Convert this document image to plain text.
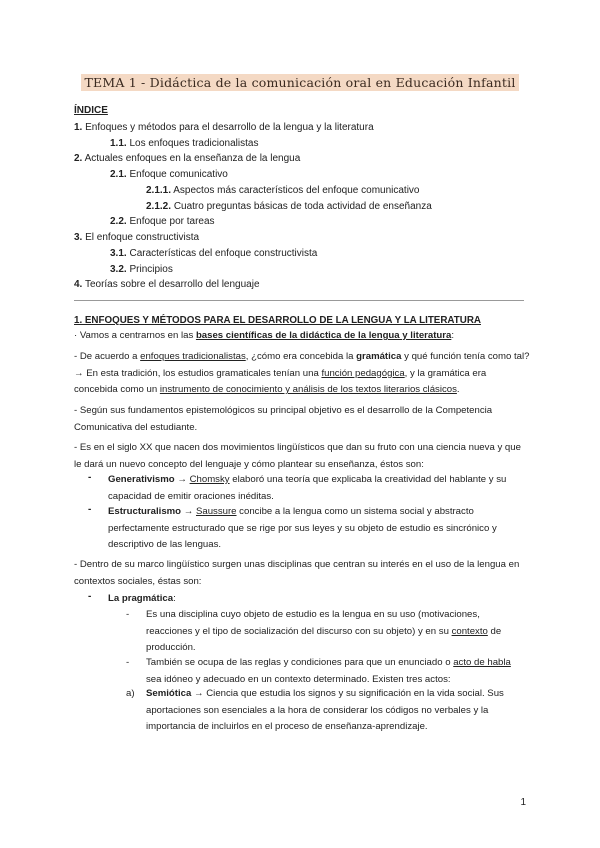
TEMA 1 - Didáctica de la comunicación oral en Educación Infantil
ÍNDICE
1. Enfoques y métodos para el desarrollo de la lengua y la literatura
1.1. Los enfoques tradicionalistas
2. Actuales enfoques en la enseñanza de la lengua
2.1. Enfoque comunicativo
2.1.1. Aspectos más característicos del enfoque comunicativo
2.1.2. Cuatro preguntas básicas de toda actividad de enseñanza
2.2. Enfoque por tareas
3. El enfoque constructivista
3.1. Características del enfoque constructivista
3.2. Principios
4. Teorías sobre el desarrollo del lenguaje
1. ENFOQUES Y MÉTODOS PARA EL DESARROLLO DE LA LENGUA Y LA LITERATURA
· Vamos a centrarnos en las bases científicas de la didáctica de la lengua y literatura:
- De acuerdo a enfoques tradicionalistas, ¿cómo era concebida la gramática y qué función tenía como tal? → En esta tradición, los estudios gramaticales tenían una función pedagógica, y la gramática era concebida como un instrumento de conocimiento y análisis de los textos literarios clásicos.
- Según sus fundamentos epistemológicos su principal objetivo es el desarrollo de la Competencia Comunicativa del estudiante.
- Es en el siglo XX que nacen dos movimientos lingüísticos que dan su fruto con una ciencia nueva y que le dará un nuevo concepto del lenguaje y cómo plantear su enseñanza, éstos son:
- Generativismo → Chomsky elaboró una teoría que explicaba la creatividad del hablante y su capacidad de emitir oraciones inéditas.
- Estructuralismo → Saussure concibe a la lengua como un sistema social y abstracto perfectamente estructurado que se rige por sus leyes y su objeto de estudio es sincrónico y descriptivo de las lenguas.
- Dentro de su marco lingüístico surgen unas disciplinas que centran su interés en el uso de la lengua en contextos sociales, éstas son:
- La pragmática:
- Es una disciplina cuyo objeto de estudio es la lengua en su uso (motivaciones, reacciones y el tipo de socialización del discurso con su objeto) y en su contexto de producción.
- También se ocupa de las reglas y condiciones para que un enunciado o acto de habla sea idóneo y adecuado en un contexto determinado. Existen tres actos:
a) Semiótica → Ciencia que estudia los signos y su significación en la vida social. Sus aportaciones son esenciales a la hora de considerar los códigos no verbales y la importancia de incluirlos en el proceso de enseñanza-aprendizaje.
1
